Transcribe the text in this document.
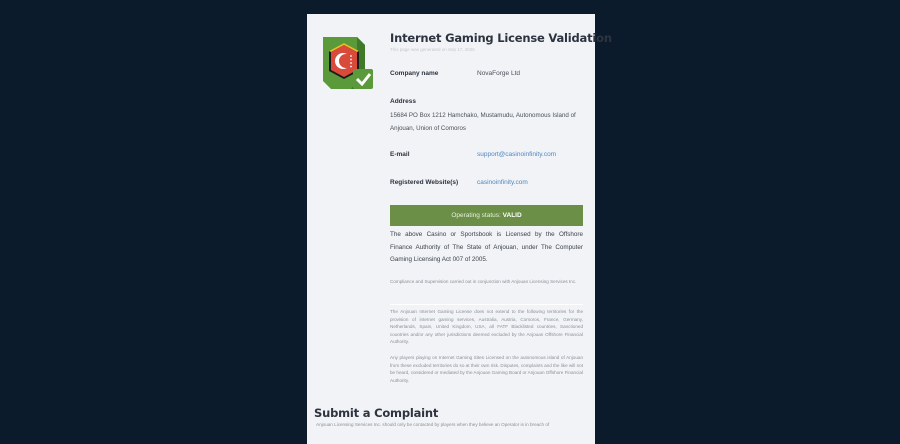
Internet Gaming License Validation
This page was generated on Sep 17, 2026
Company name	NovaForge Ltd
Address
15684 PO Box 1212 Hamchako, Mustamudu, Autonomous Island of Anjouan, Union of Comoros
E-mail	support@casinoinfinity.com
Registered Website(s)	casinoinfinity.com
Operating status: VALID
The above Casino or Sportsbook is Licensed by the Offshore Finance Authority of The State of Anjouan, under The Computer Gaming Licensing Act 007 of 2005.
Compliance and Supervision carried out in conjunction with Anjouan Licensing Services Inc.
The Anjouan Internet Gaming License does not extend to the following territories for the provision of internet gaming services, Australia, Austria, Comoros, France, Germany, Netherlands, Spain, United Kingdom, USA, all FATF Blacklisted countries, Sanctioned countries and/or any other jurisdictions deemed excluded by the Anjouan Offshore Financial Authority.
Any players playing on Internet Gaming Sites Licensed on the autonomous island of Anjouan from these excluded territories do so at their own risk. Disputes, complaints and the like will not be heard, considered or mediated by the Anjouan Gaming Board or Anjouan Offshore Financial Authority.
Submit a Complaint
Anjouan Licensing Services Inc. should only be contacted by players when they believe an Operator is in breach of
